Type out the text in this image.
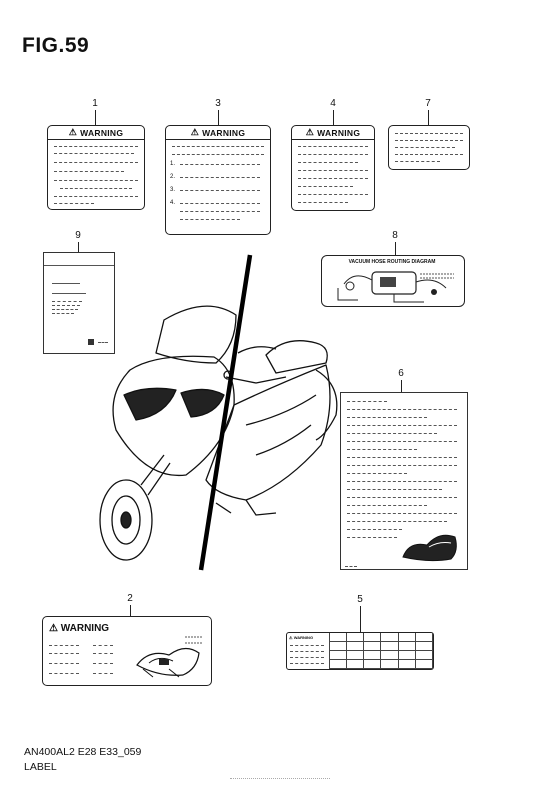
FIG.59
1
⚠ WARNING
3
⚠ WARNING
1.
2.
3.
4.
4
⚠ WARNING
7
9	8
VACUUM HOSE ROUTING DIAGRAM
6
2
⚠ WARNING
5
⚠ WARNING
AN400AL2 E28 E33_059
LABEL
